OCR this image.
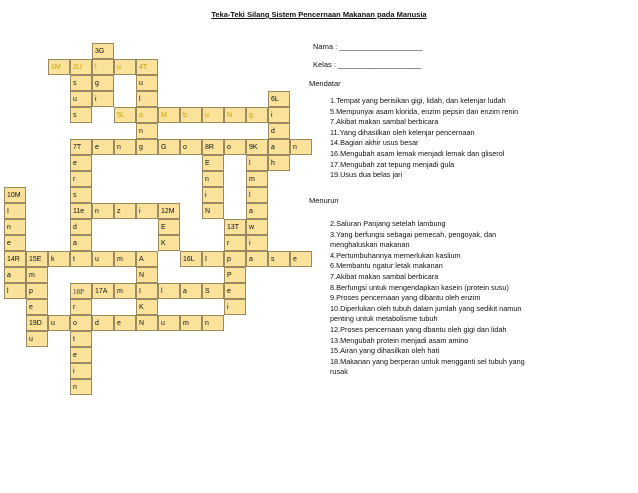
Teka-Teki Silang Sistem Pencernaan Makanan pada Manusia
3G
1M	2U	l	u	4T
s	g	u
u	i	l	6L
s	5L	a	M	b	u	N	g	i
n	d
7T	e	n	g	G	o	8R	o	9K	a	n
e	E	l	h
r	n	m
10M	s	i	l
I	11e	n	z	i	12M	N	a
n	d	E	13T	w
e	a	K	r	i
14R	15E	k	t	u	m	A	16L	I	p	a	s	e
a	m	N	P
l	p	18P	17A	m	I	l	a	S	e
e	r	K	i
19D	u	o	d	e	N	u	m	n
u	t
e
i
n
Nama : ____________________
Kelas : ____________________
Mendatar
1.Tempat yang berisikan gigi, lidah, dan kelenjar ludah
5.Mempunyai asam klorida, enzim pepsin dan enzim renin
7.Akibat makan sambal berbicara
11.Yang dihasilkan oleh kelenjar pencernaan
14.Bagian akhir usus besar
16.Mengubah asam lemak menjadi lemak dan gliserol
17.Mengubah zat tepung menjadi gula
19.Usus dua belas jari
Menurun
2.Saluran Panjang setelah lambung
3.Yang berfungsi sebagai pemecah, pengoyak, dan
menghaluskan makanan
4.Pertumbuhannya memerlukan kaslium
6.Membantu ngatur letak makanan
7.Akibat makan sambal berbicara
8.Berfungsi untuk mengendapkan kasein (protein susu)
9.Proses pencernaan yang dibantu oleh enzim
10.Diperlukan oleh tubuh dalam jumlah yang sedikit namun
penting untuk metabolisme tubuh
12.Proses pencernaan yang dbantu oleh gigi dan lidah
13.Mengubah protein menjadi asam amino
15.Airan yang dihasilkan oleh hati
18.Makanan yang berperan untuk mengganti sel tubuh yang
rusak
